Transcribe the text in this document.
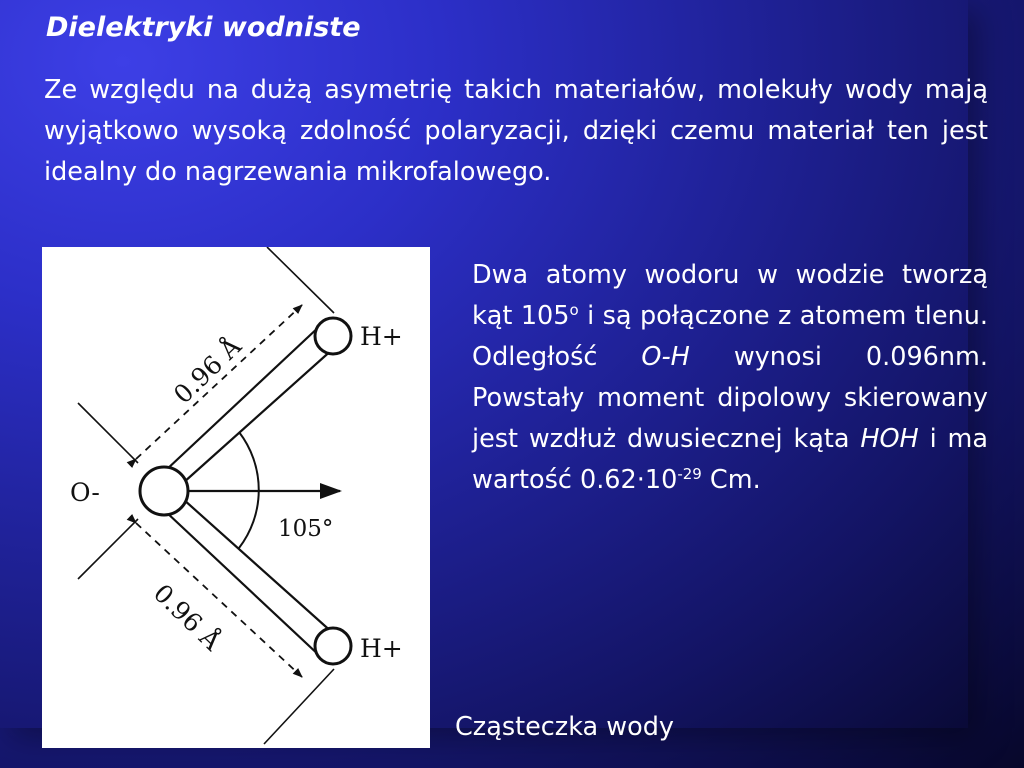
Dielektryki wodniste
Ze względu na dużą asymetrię takich materiałów, molekuły wody mają wyjątkowo wysoką zdolność polaryzacji, dzięki czemu materiał ten jest idealny do nagrzewania mikrofalowego.
H+
H+
O-
105°
0.96 Å
0.96 Å
Dwa atomy wodoru w wodzie tworzą kąt 105$^o$ i są połączone z atomem tlenu. Odległość O-H wynosi 0.096nm. Powstały moment dipolowy skierowany jest wzdłuż dwusiecznej kąta HOH i ma wartość $0.62\cdot 10^{-29}$ Cm.
Cząsteczka wody
